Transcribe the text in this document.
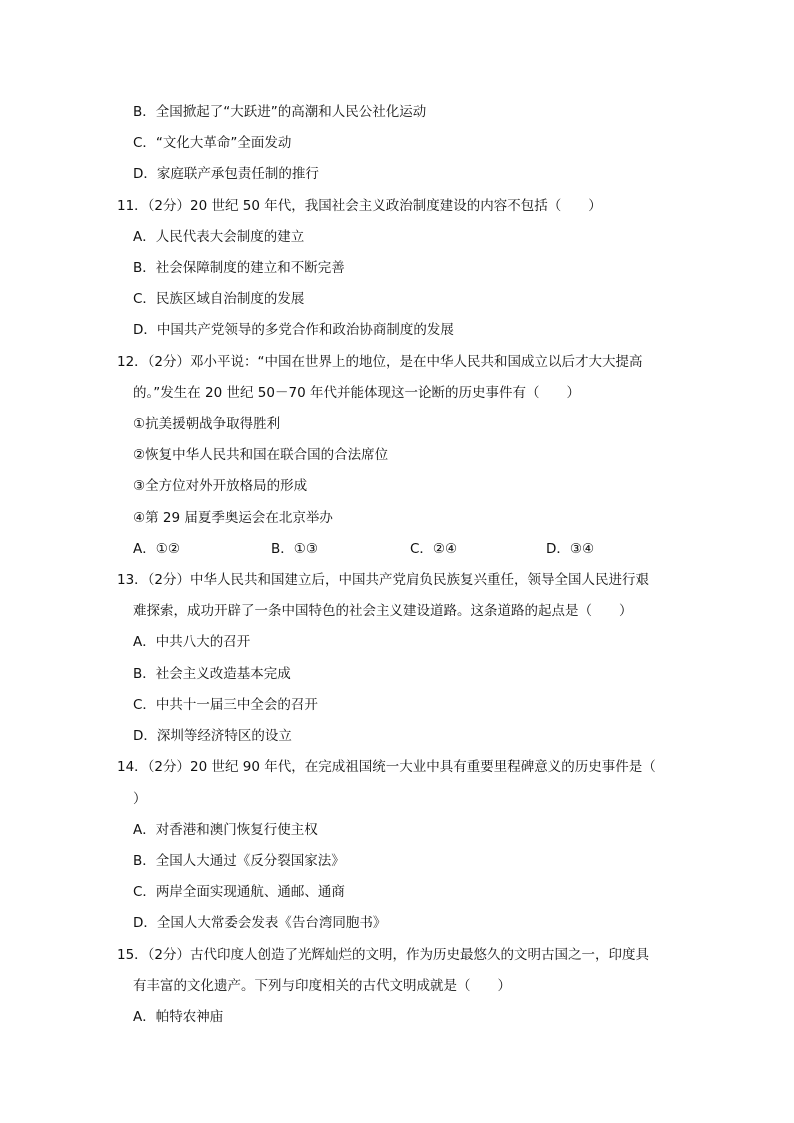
B．全国掀起了“大跃进”的高潮和人民公社化运动
C．“文化大革命”全面发动
D．家庭联产承包责任制的推行
11．（2分）20 世纪 50 年代，我国社会主义政治制度建设的内容不包括（　　）
A．人民代表大会制度的建立
B．社会保障制度的建立和不断完善
C．民族区域自治制度的发展
D．中国共产党领导的多党合作和政治协商制度的发展
12．（2分）邓小平说：“中国在世界上的地位，是在中华人民共和国成立以后才大大提高
的。”发生在 20 世纪 50－70 年代并能体现这一论断的历史事件有（　　）
①抗美援朝战争取得胜利
②恢复中华人民共和国在联合国的合法席位
③全方位对外开放格局的形成
④第 29 届夏季奥运会在北京举办
A．①②	B．①③	C．②④	D．③④
13．（2分）中华人民共和国建立后，中国共产党肩负民族复兴重任，领导全国人民进行艰
难探索，成功开辟了一条中国特色的社会主义建设道路。这条道路的起点是（　　）
A．中共八大的召开
B．社会主义改造基本完成
C．中共十一届三中全会的召开
D．深圳等经济特区的设立
14．（2分）20 世纪 90 年代，在完成祖国统一大业中具有重要里程碑意义的历史事件是（
）
A．对香港和澳门恢复行使主权
B．全国人大通过《反分裂国家法》
C．两岸全面实现通航、通邮、通商
D．全国人大常委会发表《告台湾同胞书》
15．（2分）古代印度人创造了光辉灿烂的文明，作为历史最悠久的文明古国之一，印度具
有丰富的文化遗产。下列与印度相关的古代文明成就是（　　）
A．帕特农神庙
